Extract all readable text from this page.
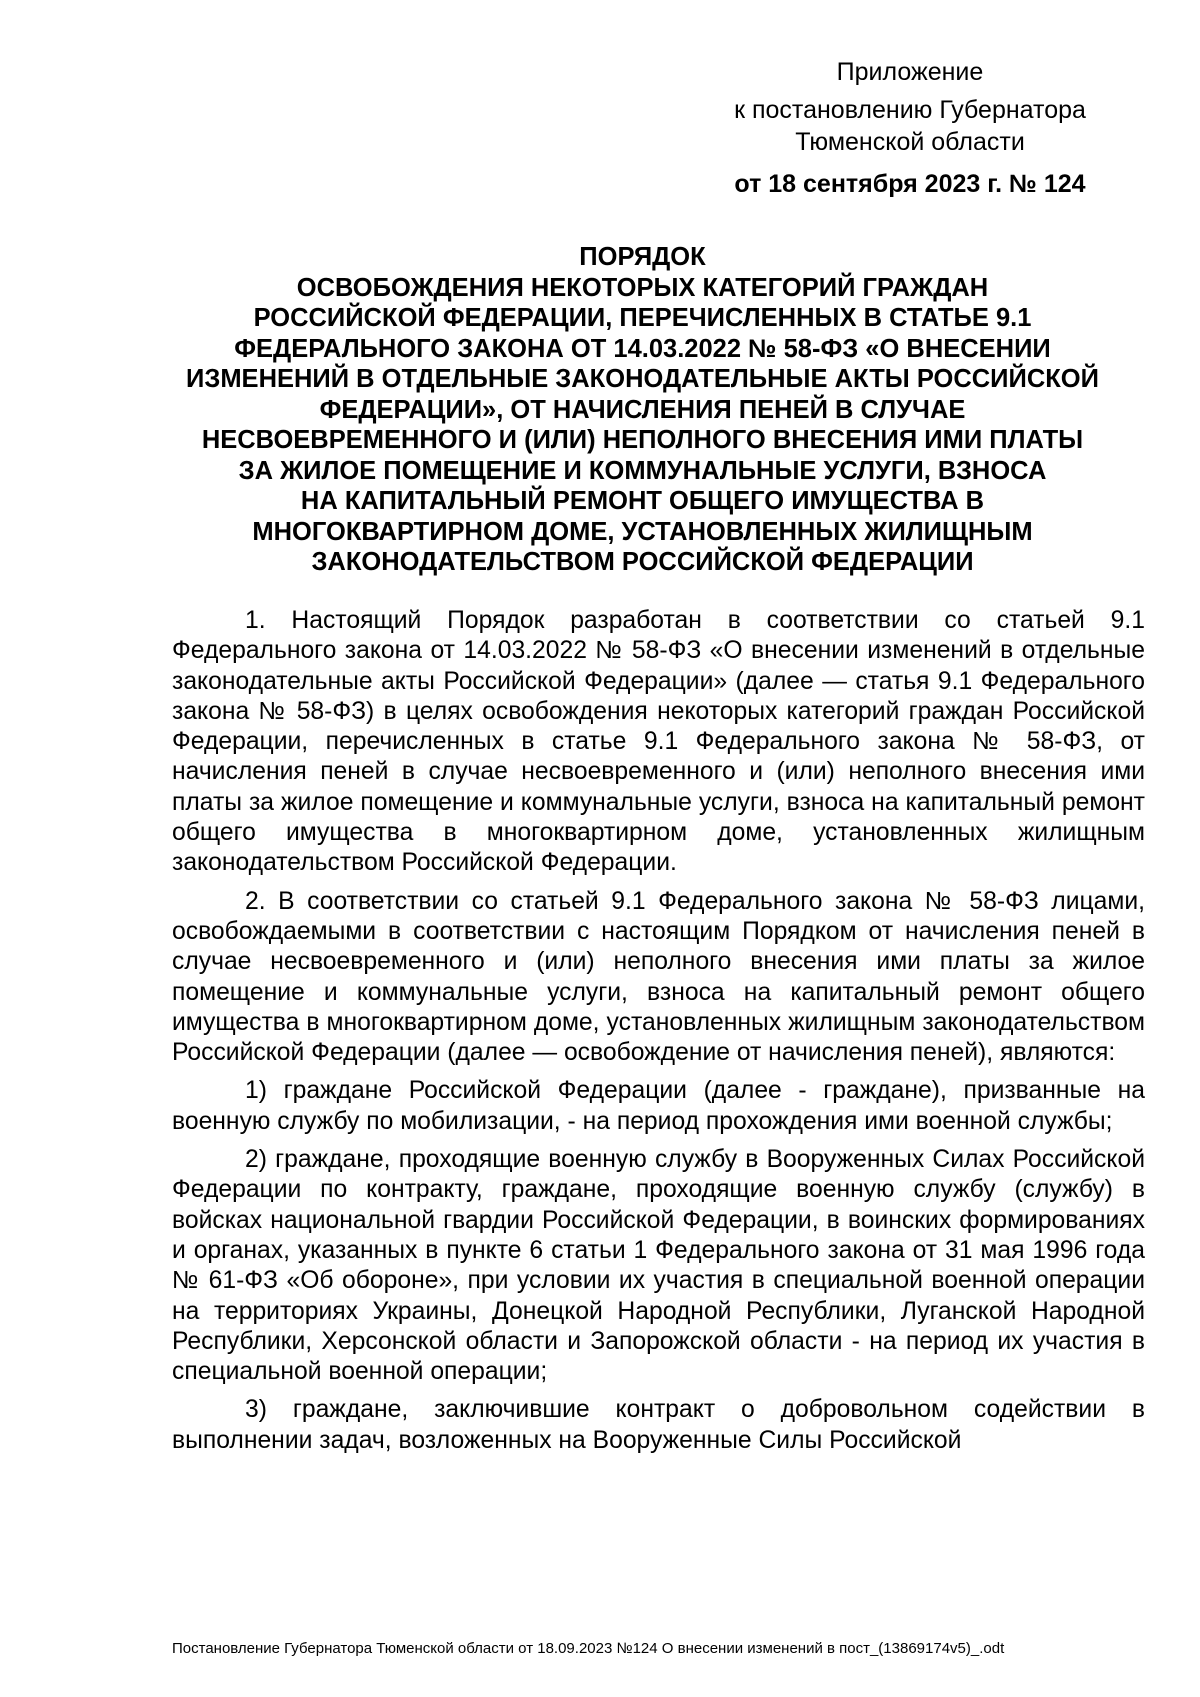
Приложение
к постановлению Губернатора
Тюменской области
от 18 сентября 2023 г. № 124
ПОРЯДОК
ОСВОБОЖДЕНИЯ НЕКОТОРЫХ КАТЕГОРИЙ ГРАЖДАН
РОССИЙСКОЙ ФЕДЕРАЦИИ, ПЕРЕЧИСЛЕННЫХ В СТАТЬЕ 9.1
ФЕДЕРАЛЬНОГО ЗАКОНА ОТ 14.03.2022 № 58-ФЗ «О ВНЕСЕНИИ
ИЗМЕНЕНИЙ В ОТДЕЛЬНЫЕ ЗАКОНОДАТЕЛЬНЫЕ АКТЫ РОССИЙСКОЙ
ФЕДЕРАЦИИ», ОТ НАЧИСЛЕНИЯ ПЕНЕЙ В СЛУЧАЕ
НЕСВОЕВРЕМЕННОГО И (ИЛИ) НЕПОЛНОГО ВНЕСЕНИЯ ИМИ ПЛАТЫ
ЗА ЖИЛОЕ ПОМЕЩЕНИЕ И КОММУНАЛЬНЫЕ УСЛУГИ, ВЗНОСА
НА КАПИТАЛЬНЫЙ РЕМОНТ ОБЩЕГО ИМУЩЕСТВА В
МНОГОКВАРТИРНОМ ДОМЕ, УСТАНОВЛЕННЫХ ЖИЛИЩНЫМ
ЗАКОНОДАТЕЛЬСТВОМ РОССИЙСКОЙ ФЕДЕРАЦИИ

1. Настоящий Порядок разработан в соответствии со статьей 9.1 Федерального закона от 14.03.2022 № 58-ФЗ «О внесении изменений в отдельные законодательные акты Российской Федерации» (далее — статья 9.1 Федерального закона № 58-ФЗ) в целях освобождения некоторых категорий граждан Российской Федерации, перечисленных в статье 9.1 Федерального закона № 58-ФЗ, от начисления пеней в случае несвоевременного и (или) неполного внесения ими платы за жилое помещение и коммунальные услуги, взноса на капитальный ремонт общего имущества в многоквартирном доме, установленных жилищным законодательством Российской Федерации.

2. В соответствии со статьей 9.1 Федерального закона № 58-ФЗ лицами, освобождаемыми в соответствии с настоящим Порядком от начисления пеней в случае несвоевременного и (или) неполного внесения ими платы за жилое помещение и коммунальные услуги, взноса на капитальный ремонт общего имущества в многоквартирном доме, установленных жилищным законодательством Российской Федерации (далее — освобождение от начисления пеней), являются:

1) граждане Российской Федерации (далее - граждане), призванные на военную службу по мобилизации, - на период прохождения ими военной службы;

2) граждане, проходящие военную службу в Вооруженных Силах Российской Федерации по контракту, граждане, проходящие военную службу (службу) в войсках национальной гвардии Российской Федерации, в воинских формированиях и органах, указанных в пункте 6 статьи 1 Федерального закона от 31 мая 1996 года № 61-ФЗ «Об обороне», при условии их участия в специальной военной операции на территориях Украины, Донецкой Народной Республики, Луганской Народной Республики, Херсонской области и Запорожской области - на период их участия в специальной военной операции;

3) граждане, заключившие контракт о добровольном содействии в выполнении задач, возложенных на Вооруженные Силы Российской

Постановление Губернатора Тюменской области от 18.09.2023 №124 О внесении изменений в пост_(13869174v5)_.odt
